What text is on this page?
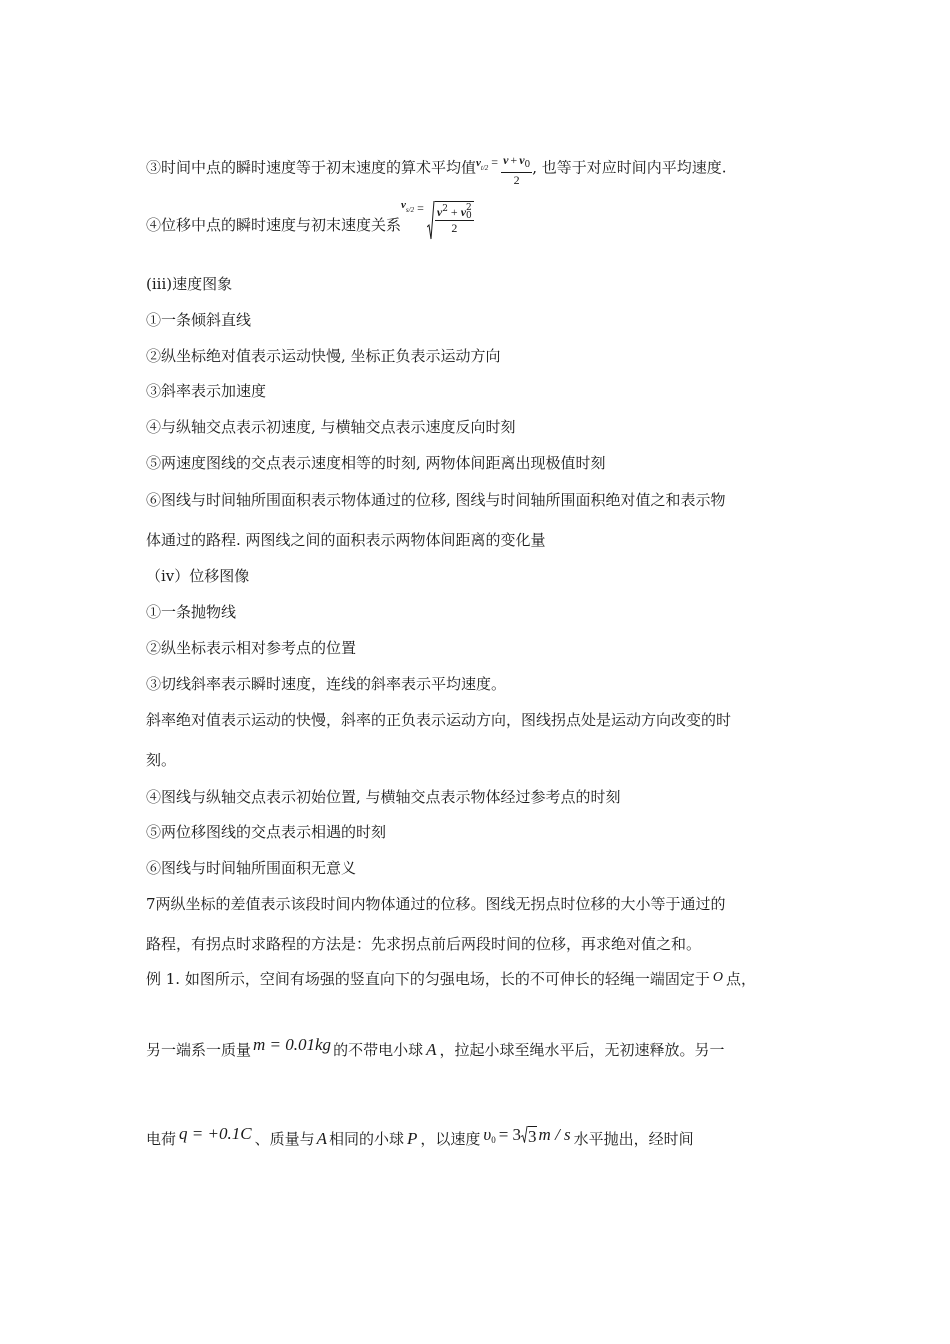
③时间中点的瞬时速度等于初末速度的算术平均值$^{vt/2}$ $^= \frac{v + v_0}{2}$ , 也等于对应时间内平均速度.
④位移中点的瞬时速度与初末速度关系$^{vs/2}$ = $v^2 + v$ 2
0
2
(iii)速度图象
①一条倾斜直线
②纵坐标绝对值表示运动快慢, 坐标正负表示运动方向
③斜率表示加速度
④与纵轴交点表示初速度, 与横轴交点表示速度反向时刻
⑤两速度图线的交点表示速度相等的时刻, 两物体间距离出现极值时刻
⑥图线与时间轴所围面积表示物体通过的位移, 图线与时间轴所围面积绝对值之和表示物
体通过的路程. 两图线之间的面积表示两物体间距离的变化量
（iv）位移图像
①一条抛物线
②纵坐标表示相对参考点的位置
③切线斜率表示瞬时速度，连线的斜率表示平均速度。
斜率绝对值表示运动的快慢，斜率的正负表示运动方向，图线拐点处是运动方向改变的时
刻。
④图线与纵轴交点表示初始位置, 与横轴交点表示物体经过参考点的时刻
⑤两位移图线的交点表示相遇的时刻
⑥图线与时间轴所围面积无意义
7两纵坐标的差值表示该段时间内物体通过的位移。图线无拐点时位移的大小等于通过的
路程，有拐点时求路程的方法是：先求拐点前后两段时间的位移，再求绝对值之和。
例 1. 如图所示，空间有场强的竖直向下的匀强电场，长的不可伸长的轻绳一端固定于 O 点，
另一端系一质量 m = 0.01kg 的不带电小球 A ，拉起小球至绳水平后，无初速释放。另一
电荷 q = +0.1C 、质量与 A 相同的小球 P ，以速度 $\upsilon_0 = 3$ 3 m / s 水平抛出，经时间
